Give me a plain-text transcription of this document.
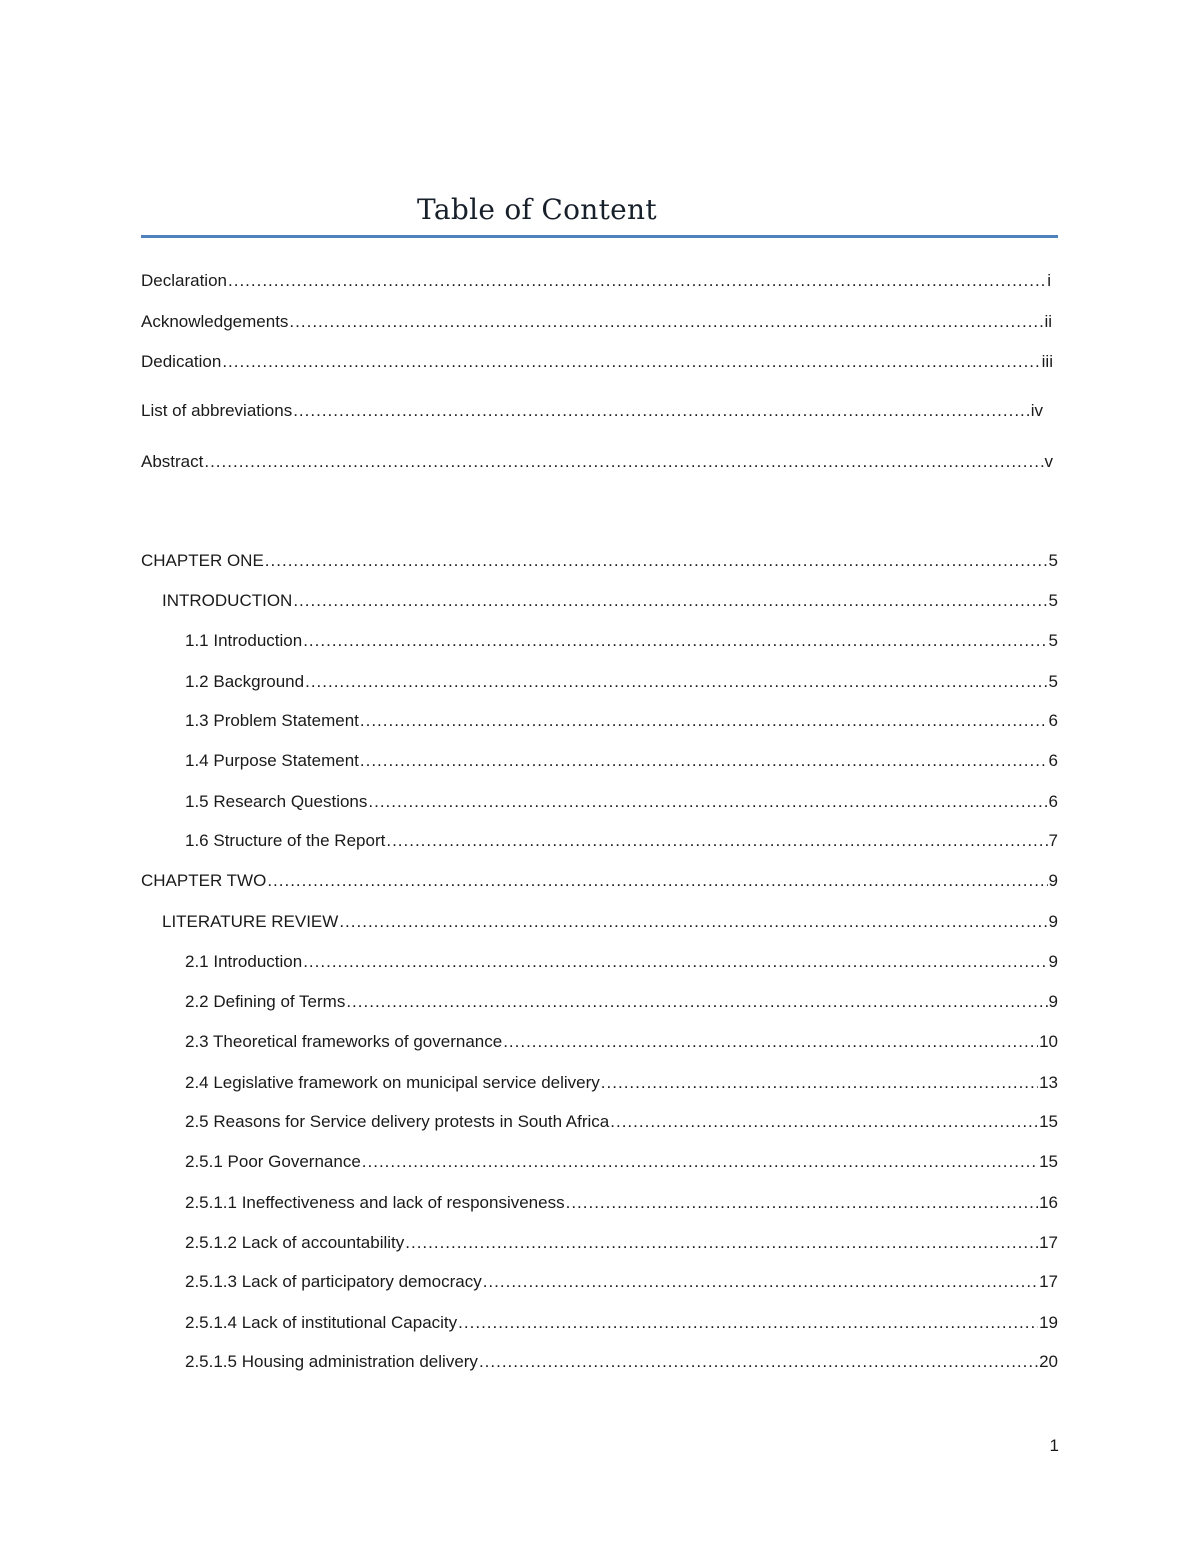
Table of Content
Declaration .....	i
Acknowledgements .....	ii
Dedication .....	iii
List of abbreviations .....	iv
Abstract .....	v
CHAPTER ONE .....	5
INTRODUCTION .....	5
1.1 Introduction .....	5
1.2 Background .....	5
1.3 Problem Statement .....	6
1.4 Purpose Statement .....	6
1.5 Research Questions .....	6
1.6 Structure of the Report .....	7
CHAPTER TWO .....	9
LITERATURE REVIEW .....	9
2.1 Introduction .....	9
2.2 Defining of Terms .....	9
2.3 Theoretical frameworks of governance .....	10
2.4 Legislative framework on municipal service delivery .....	13
2.5 Reasons for Service delivery protests in South Africa .....	15
2.5.1 Poor Governance .....	15
2.5.1.1 Ineffectiveness and lack of responsiveness .....	16
2.5.1.2 Lack of accountability .....	17
2.5.1.3 Lack of participatory democracy .....	17
2.5.1.4 Lack of institutional Capacity .....	19
2.5.1.5 Housing administration delivery .....	20
1
